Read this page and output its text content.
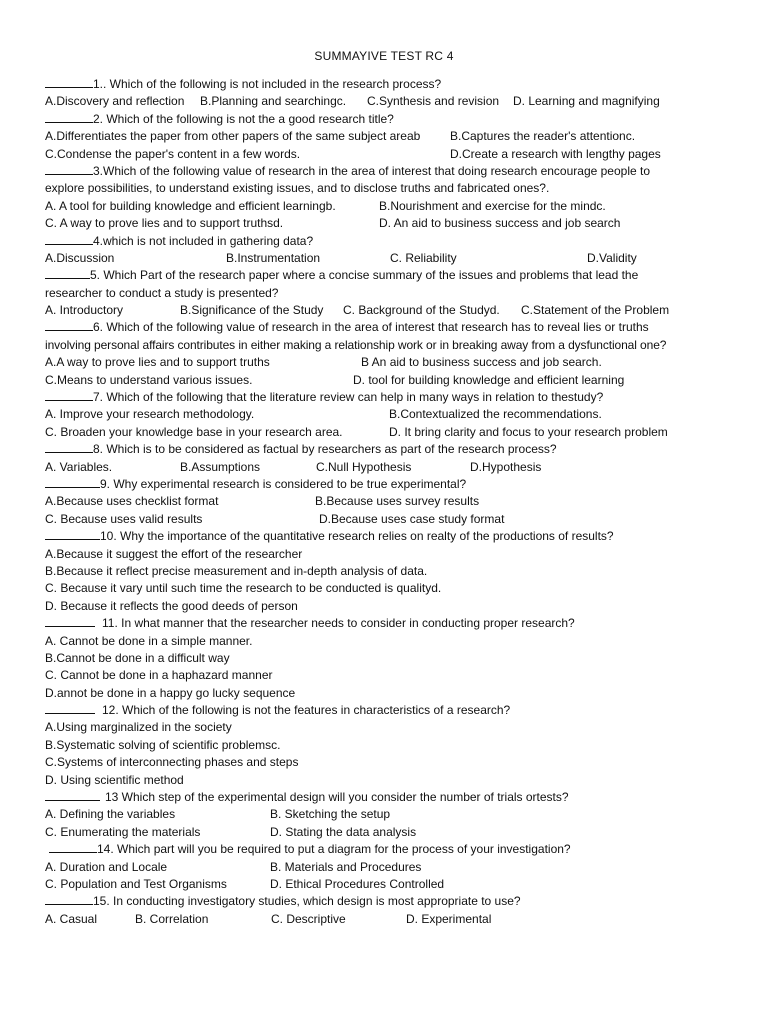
SUMMAYIVE TEST RC 4
1.. Which of the following is not included in the research process?
A.Discovery and reflection	B.Planning and searchingc.	C.Synthesis and revision	D. Learning and magnifying
2. Which of the following is not the a good research title?
A.Differentiates the paper from other papers of the same subject areab	B.Captures the reader's attentionc.
C.Condense the paper's content in a few words.	D.Create a research with lengthy pages
3.Which of the following value of research in the area of interest that doing research encourage people to
explore possibilities, to understand existing issues, and to disclose truths and fabricated ones?.
A. A tool for building knowledge and efficient learningb.	B.Nourishment and exercise for the mindc.
C. A way to prove lies and to support truthsd.	D. An aid to business success and job search
4.which is not included in gathering data?
A.Discussion	B.Instrumentation	C. Reliability	D.Validity
5. Which Part of the research paper where a concise summary of the issues and problems that lead the
researcher to conduct a study is presented?
A. Introductory	B.Significance of the Study	C. Background of the Studyd.	C.Statement of the Problem
6. Which of the following value of research in the area of interest that research has to reveal lies or truths
involving personal affairs contributes in either making a relationship work or in breaking away from a dysfunctional one?
A.A way to prove lies and to support truths	B An aid to business success and job search.
C.Means to understand various issues.	D. tool for building knowledge and efficient learning
7. Which of the following that the literature review can help in many ways in relation to thestudy?
A. Improve your research methodology.	B.Contextualized the recommendations.
C. Broaden your knowledge base in your research area.	D. It bring clarity and focus to your research problem
8. Which is to be considered as factual by researchers as part of the research process?
A. Variables.	B.Assumptions	C.Null Hypothesis	D.Hypothesis
9. Why experimental research is considered to be true experimental?
A.Because uses checklist format	B.Because uses survey results
C. Because uses valid results	D.Because uses case study format
10. Why the importance of the quantitative research relies on realty of the productions of results?
A.Because it suggest the effort of the researcher
B.Because it reflect precise measurement and in-depth analysis of data.
C. Because it vary until such time the research to be conducted is qualityd.
D. Because it reflects the good deeds of person
11. In what manner that the researcher needs to consider in conducting proper research?
A. Cannot be done in a simple manner.
B.Cannot be done in a difficult way
C. Cannot be done in a haphazard manner
D.annot be done in a happy go lucky sequence
12. Which of the following is not the features in characteristics of a research?
A.Using marginalized in the society
B.Systematic solving of scientific problemsc.
C.Systems of interconnecting phases and steps
D. Using scientific method
13 Which step of the experimental design will you consider the number of trials ortests?
A. Defining the variables	B. Sketching the setup
C. Enumerating the materials	D. Stating the data analysis
14. Which part will you be required to put a diagram for the process of your investigation?
A. Duration and Locale	B. Materials and Procedures
C. Population and Test Organisms	D. Ethical Procedures Controlled
15. In conducting investigatory studies, which design is most appropriate to use?
A. Casual	B. Correlation	C. Descriptive	D. Experimental
